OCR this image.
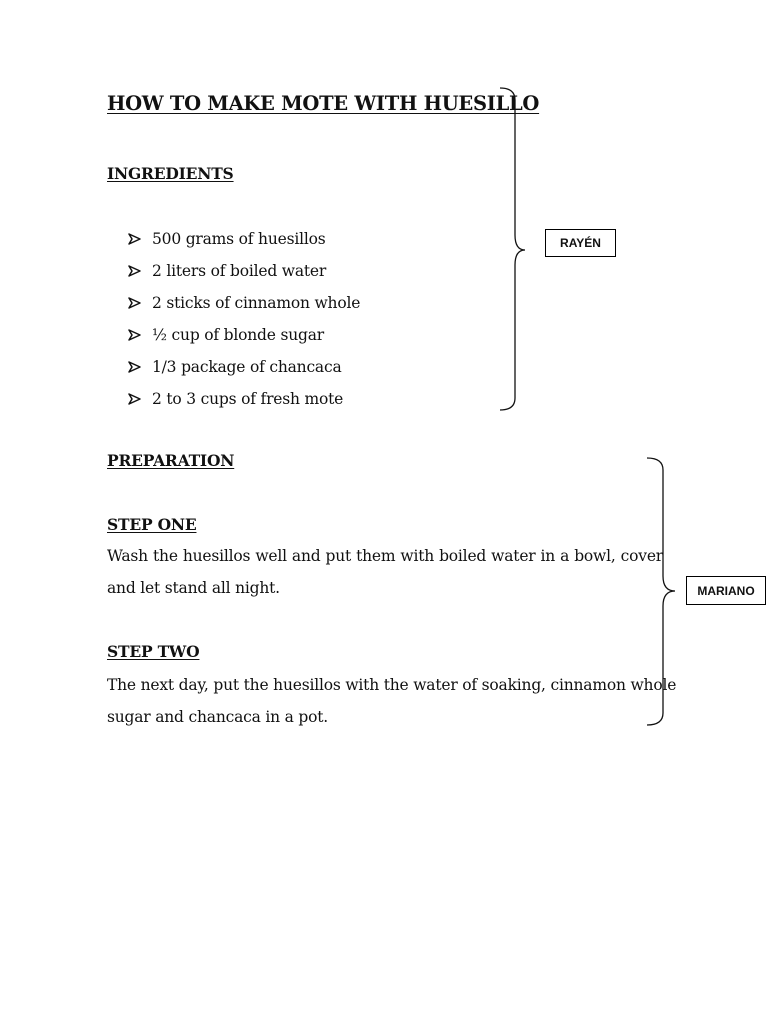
HOW TO MAKE MOTE WITH HUESILLO
INGREDIENTS
500 grams of huesillos
2 liters of boiled water
2 sticks of cinnamon whole
½ cup of blonde sugar
1/3 package of chancaca
2 to 3 cups of fresh mote
RAYÉN
PREPARATION
STEP ONE
Wash the huesillos well and put them with boiled water in a bowl, cover
and let stand all night.
STEP TWO
The next day, put the huesillos with the water of soaking, cinnamon whole
sugar and chancaca in a pot.
MARIANO
